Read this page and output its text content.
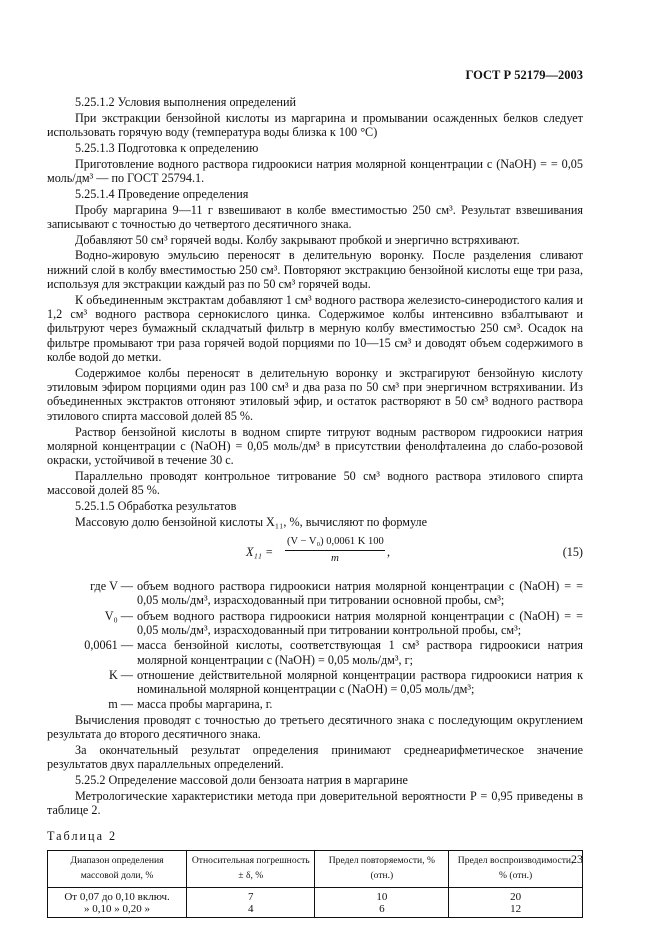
ГОСТ Р 52179—2003
5.25.1.2 Условия выполнения определений
При экстракции бензойной кислоты из маргарина и промывании осажденных белков следует использовать горячую воду (температура воды близка к 100 °С)
5.25.1.3 Подготовка к определению
Приготовление водного раствора гидроокиси натрия молярной концентрации c (NaOH) = = 0,05 моль/дм³ — по ГОСТ 25794.1.
5.25.1.4 Проведение определения
Пробу маргарина 9—11 г взвешивают в колбе вместимостью 250 см³. Результат взвешивания записывают с точностью до четвертого десятичного знака.
Добавляют 50 см³ горячей воды. Колбу закрывают пробкой и энергично встряхивают.
Водно-жировую эмульсию переносят в делительную воронку. После разделения сливают нижний слой в колбу вместимостью 250 см³. Повторяют экстракцию бензойной кислоты еще три раза, используя для экстракции каждый раз по 50 см³ горячей воды.
К объединенным экстрактам добавляют 1 см³ водного раствора железисто-синеродистого калия и 1,2 см³ водного раствора сернокислого цинка. Содержимое колбы интенсивно взбалтывают и фильтруют через бумажный складчатый фильтр в мерную колбу вместимостью 250 см³. Осадок на фильтре промывают три раза горячей водой порциями по 10—15 см³ и доводят объем содержимого в колбе водой до метки.
Содержимое колбы переносят в делительную воронку и экстрагируют бензойную кислоту этиловым эфиром порциями один раз 100 см³ и два раза по 50 см³ при энергичном встряхивании. Из объединенных экстрактов отгоняют этиловый эфир, и остаток растворяют в 50 см³ водного раствора этилового спирта массовой долей 85 %.
Раствор бензойной кислоты в водном спирте титруют водным раствором гидроокиси натрия молярной концентрации c (NaOH) = 0,05 моль/дм³ в присутствии фенолфталеина до слабо-розовой окраски, устойчивой в течение 30 с.
Параллельно проводят контрольное титрование 50 см³ водного раствора этилового спирта массовой долей 85 %.
5.25.1.5 Обработка результатов
Массовую долю бензойной кислоты X₁₁, %, вычисляют по формуле
$X_{11} = \frac{\text{(V − V₀) 0,0061 K 100}}{m}$ ,	(15)
где V — объем водного раствора гидроокиси натрия молярной концентрации c (NaOH) = = 0,05 моль/дм³, израсходованный при титровании основной пробы, см³;
V₀ — объем водного раствора гидроокиси натрия молярной концентрации c (NaOH) = = 0,05 моль/дм³, израсходованный при титровании контрольной пробы, см³;
0,0061 — масса бензойной кислоты, соответствующая 1 см³ раствора гидроокиси натрия молярной концентрации c (NaOH) = 0,05 моль/дм³, г;
K — отношение действительной молярной концентрации раствора гидроокиси натрия к номинальной молярной концентрации c (NaOH) = 0,05 моль/дм³;
m — масса пробы маргарина, г.
Вычисления проводят с точностью до третьего десятичного знака с последующим округлением результата до второго десятичного знака.
За окончательный результат определения принимают среднеарифметическое значение результатов двух параллельных определений.
5.25.2 Определение массовой доли бензоата натрия в маргарине
Метрологические характеристики метода при доверительной вероятности P = 0,95 приведены в таблице 2.
Таблица 2
Диапазон определения массовой доли, %	Относительная погрешность ± δ, %	Предел повторяемости, % (отн.)	Предел воспроизводимости, % (отн.)
От 0,07 до 0,10 включ.	7	10	20
» 0,10 » 0,20 »	4	6	12
23
